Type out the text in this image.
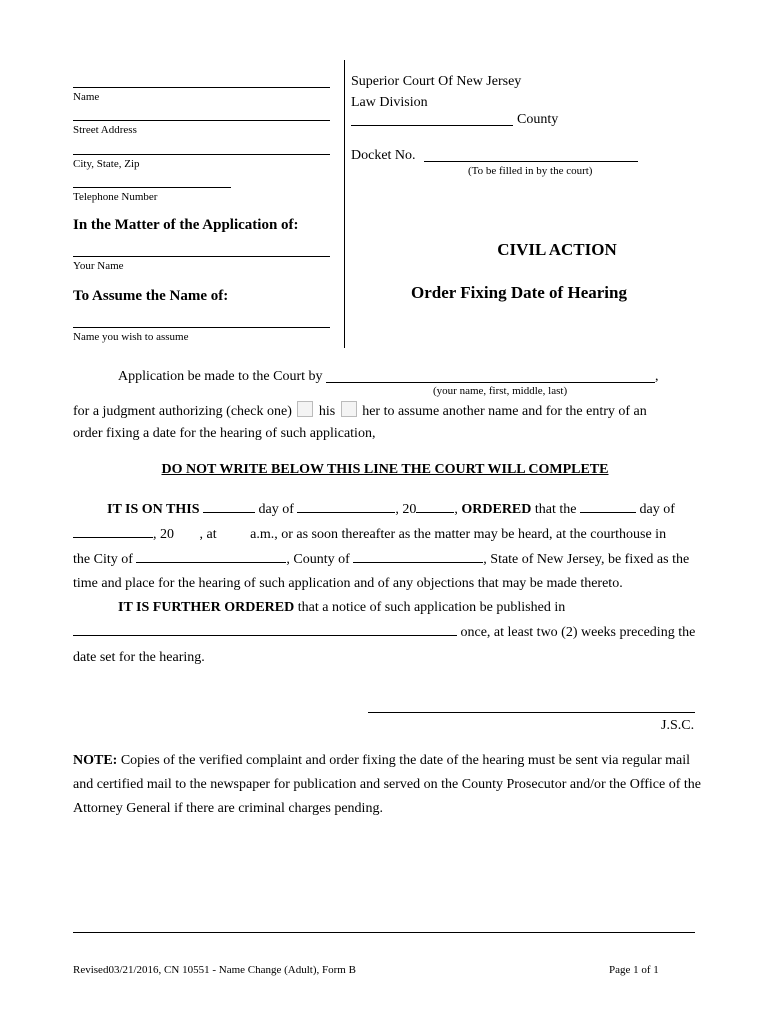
Name
Street Address
City, State, Zip
Telephone Number
In the Matter of the Application of:
Your Name
To Assume the Name of:
Name you wish to assume
Superior Court Of New Jersey
Law Division
County
Docket No.
(To be filled in by the court)
CIVIL ACTION
Order Fixing Date of Hearing
Application be made to the Court by	,
(your name, first, middle, last)
for a judgment authorizing (check one) his her to assume another name and for the entry of an
order fixing a date for the hearing of such application,
DO NOT WRITE BELOW THIS LINE THE COURT WILL COMPLETE
IT IS ON THIS	day of	, 20	, ORDERED that the	day of
, 20 , at a.m., or as soon thereafter as the matter may be heard, at the courthouse in
the City of	, County of	, State of New Jersey, be fixed as the
time and place for the hearing of such application and of any objections that may be made thereto.
IT IS FURTHER ORDERED that a notice of such application be published in
once, at least two (2) weeks preceding the
date set for the hearing.
J.S.C.
NOTE: Copies of the verified complaint and order fixing the date of the hearing must be sent via regular mail
and certified mail to the newspaper for publication and served on the County Prosecutor and/or the Office of the
Attorney General if there are criminal charges pending.
Revised03/21/2016, CN 10551 - Name Change (Adult), Form B	Page 1 of 1
